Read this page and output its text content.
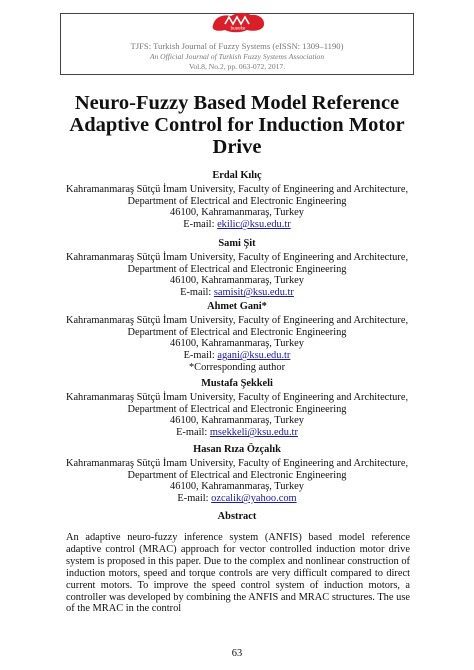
bueeke
TJFS: Turkish Journal of Fuzzy Systems (eISSN: 1309–1190)
An Official Journal of Turkish Fuzzy Systems Association
Vol.8, No.2, pp. 063-072, 2017.
Neuro-Fuzzy Based Model Reference
Adaptive Control for Induction Motor
Drive
Erdal Kılıç
Kahramanmaraş Sütçü İmam University, Faculty of Engineering and Architecture,
Department of Electrical and Electronic Engineering
46100, Kahramanmaraş, Turkey
E-mail: ekilic@ksu.edu.tr
Sami Şit
Kahramanmaraş Sütçü İmam University, Faculty of Engineering and Architecture,
Department of Electrical and Electronic Engineering
46100, Kahramanmaraş, Turkey
E-mail: samisit@ksu.edu.tr
Ahmet Gani*
Kahramanmaraş Sütçü İmam University, Faculty of Engineering and Architecture,
Department of Electrical and Electronic Engineering
46100, Kahramanmaraş, Turkey
E-mail: agani@ksu.edu.tr
*Corresponding author
Mustafa Şekkeli
Kahramanmaraş Sütçü İmam University, Faculty of Engineering and Architecture,
Department of Electrical and Electronic Engineering
46100, Kahramanmaraş, Turkey
E-mail: msekkeli@ksu.edu.tr
Hasan Rıza Özçalık
Kahramanmaraş Sütçü İmam University, Faculty of Engineering and Architecture,
Department of Electrical and Electronic Engineering
46100, Kahramanmaraş, Turkey
E-mail: ozcalik@yahoo.com
Abstract

An adaptive neuro-fuzzy inference system (ANFIS) based model reference adaptive control (MRAC) approach for vector controlled induction motor drive system is proposed in this paper. Due to the complex and nonlinear construction of induction motors, speed and torque controls are very difficult compared to direct current motors. To improve the speed control system of induction motors, a controller was developed by combining the ANFIS and MRAC structures. The use of the MRAC in the control

63
